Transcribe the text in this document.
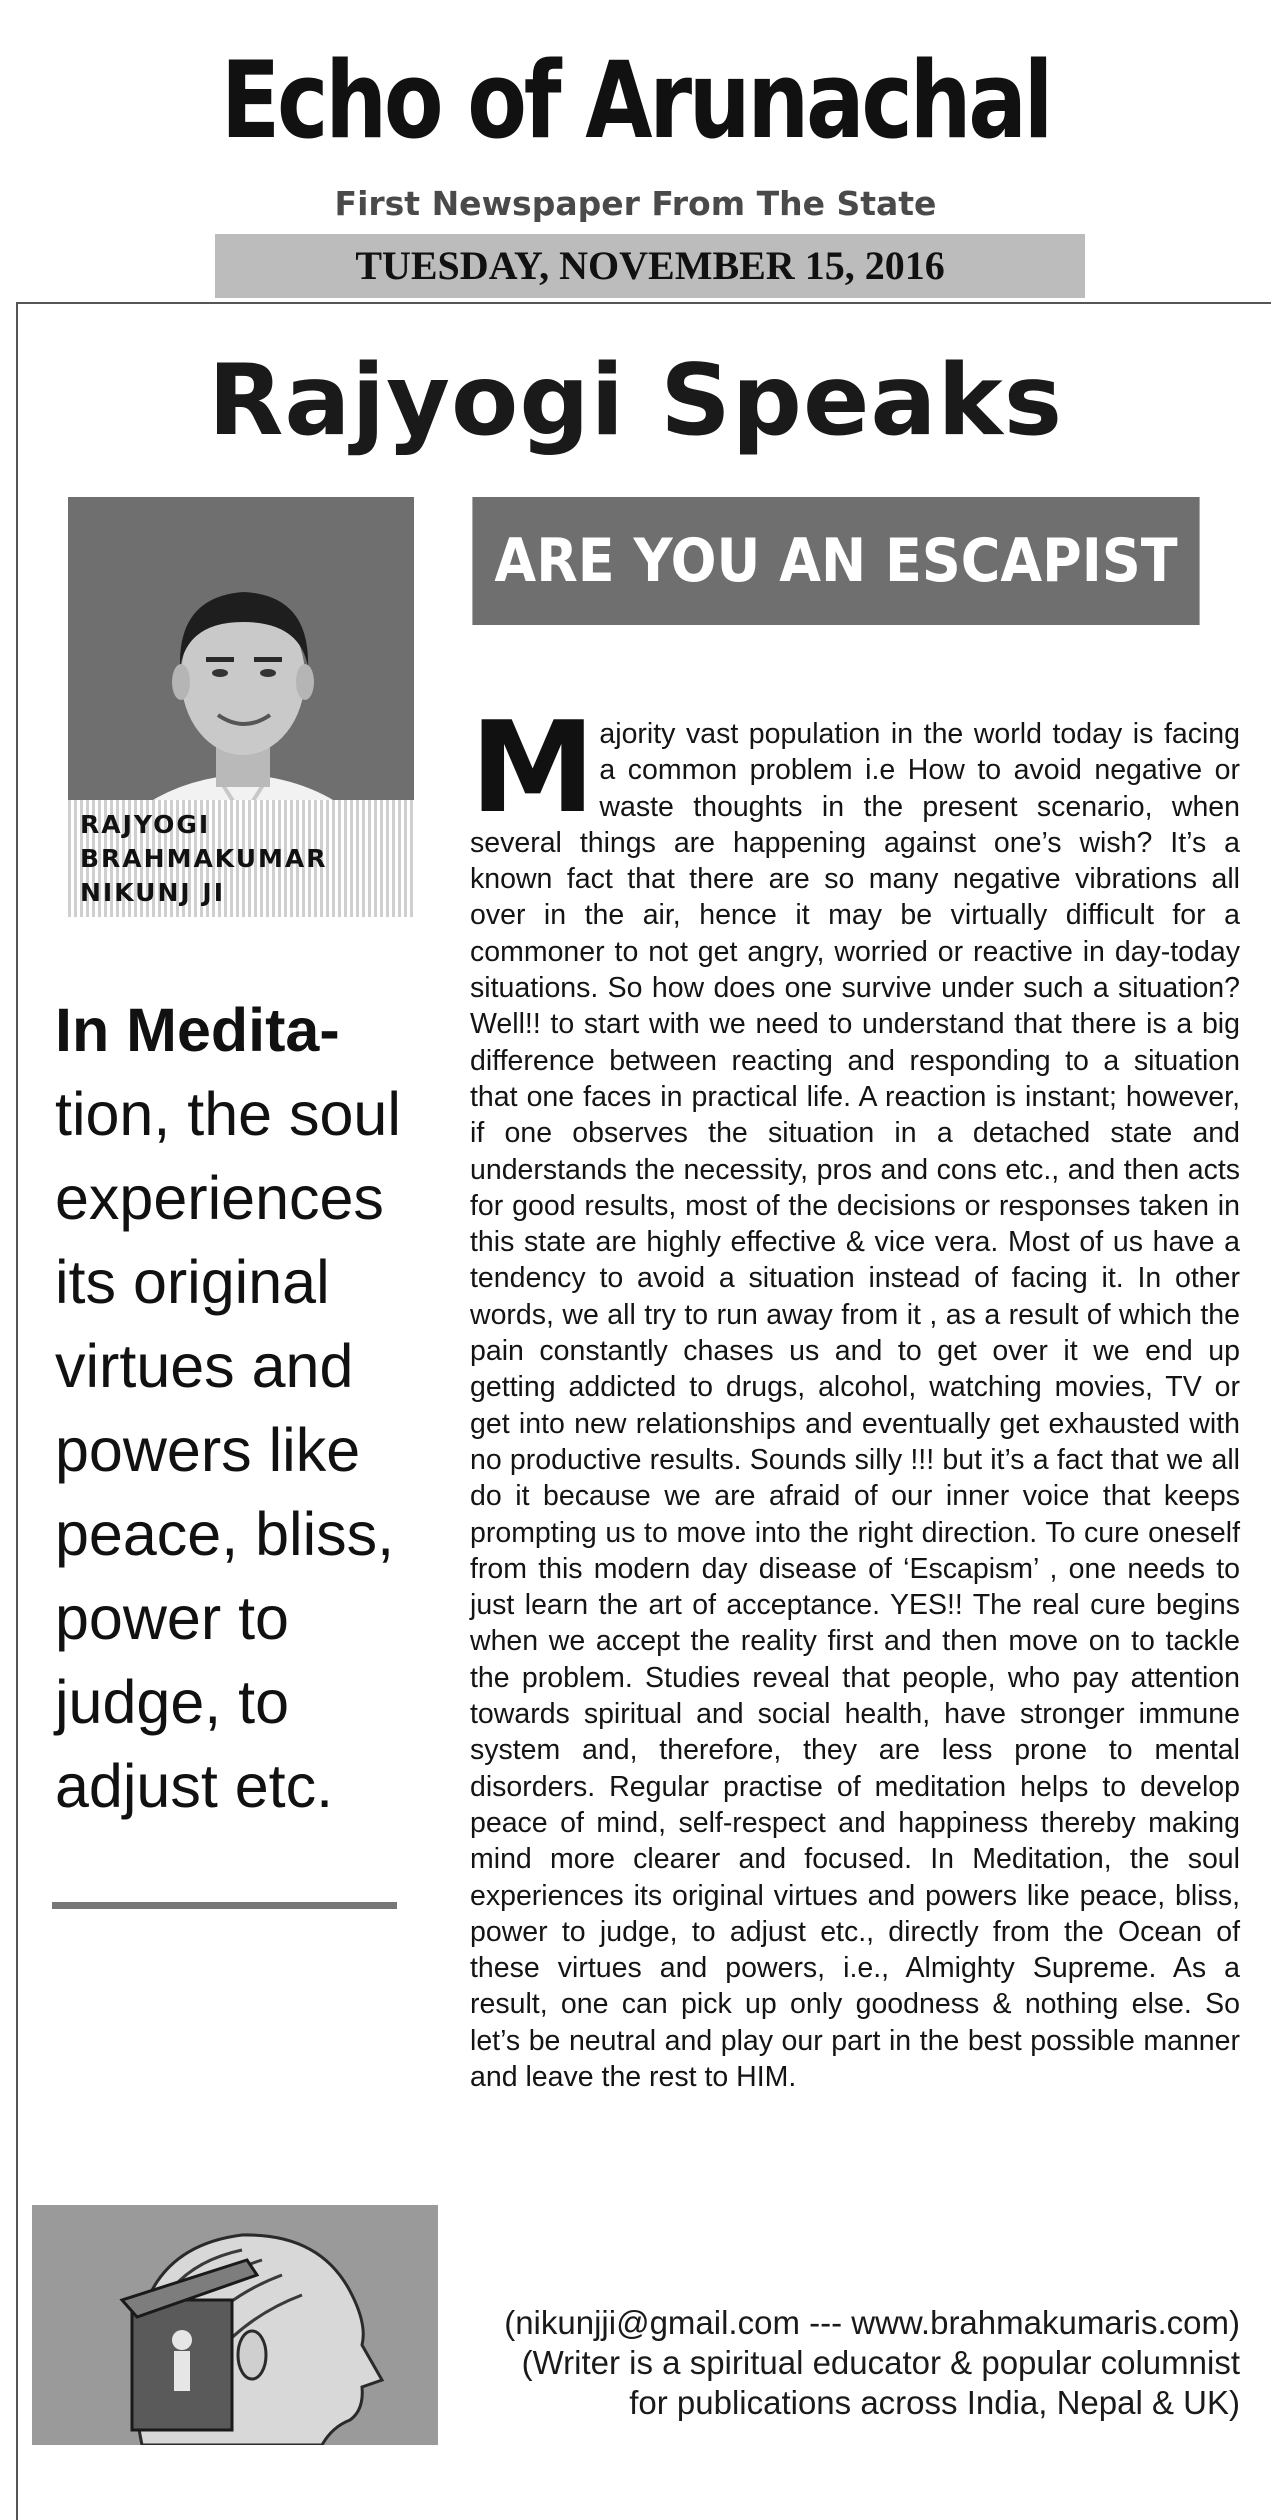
Echo of Arunachal
First Newspaper From The State
TUESDAY, NOVEMBER 15, 2016
Rajyogi Speaks
RAJYOGI
BRAHMAKUMAR
NIKUNJ JI
ARE YOU AN ESCAPIST ?
In Medita-
tion, the soul experiences its original virtues and powers like peace, bliss, power to judge, to adjust etc.
Majority vast population in the world today is facing a common problem i.e How to avoid negative or waste thoughts in the present scenario, when several things are happening against one’s wish? It’s a known fact that there are so many negative vibrations all over in the air, hence it may be virtually difficult for a commoner to not get angry, worried or reactive in day-today situations. So how does one survive under such a situation? Well!! to start with we need to understand that there is a big difference between reacting and responding to a situation that one faces in practical life. A reaction is instant; however, if one observes the situation in a detached state and understands the necessity, pros and cons etc., and then acts for good results, most of the decisions or responses taken in this state are highly effective & vice vera. Most of us have a tendency to avoid a situation instead of facing it. In other words, we all try to run away from it , as a result of which the pain constantly chases us and to get over it we end up getting addicted to drugs, alcohol, watching movies, TV or get into new relationships and eventually get exhausted with no productive results. Sounds silly !!! but it’s a fact that we all do it because we are afraid of our inner voice that keeps prompting us to move into the right direction. To cure oneself from this modern day disease of ‘Escapism’ , one needs to just learn the art of acceptance. YES!! The real cure begins when we accept the reality first and then move on to tackle the problem. Studies reveal that people, who pay attention towards spiritual and social health, have stronger immune system and, therefore, they are less prone to mental disorders. Regular practise of meditation helps to develop peace of mind, self-respect and happiness thereby making mind more clearer and focused. In Meditation, the soul experiences its original virtues and powers like peace, bliss, power to judge, to adjust etc., directly from the Ocean of these virtues and powers, i.e., Almighty Supreme. As a result, one can pick up only goodness & nothing else. So let’s be neutral and play our part in the best possible manner and leave the rest to HIM.
(nikunjji@gmail.com --- www.brahmakumaris.com)
(Writer is a spiritual educator & popular columnist
for publications across India, Nepal & UK)
